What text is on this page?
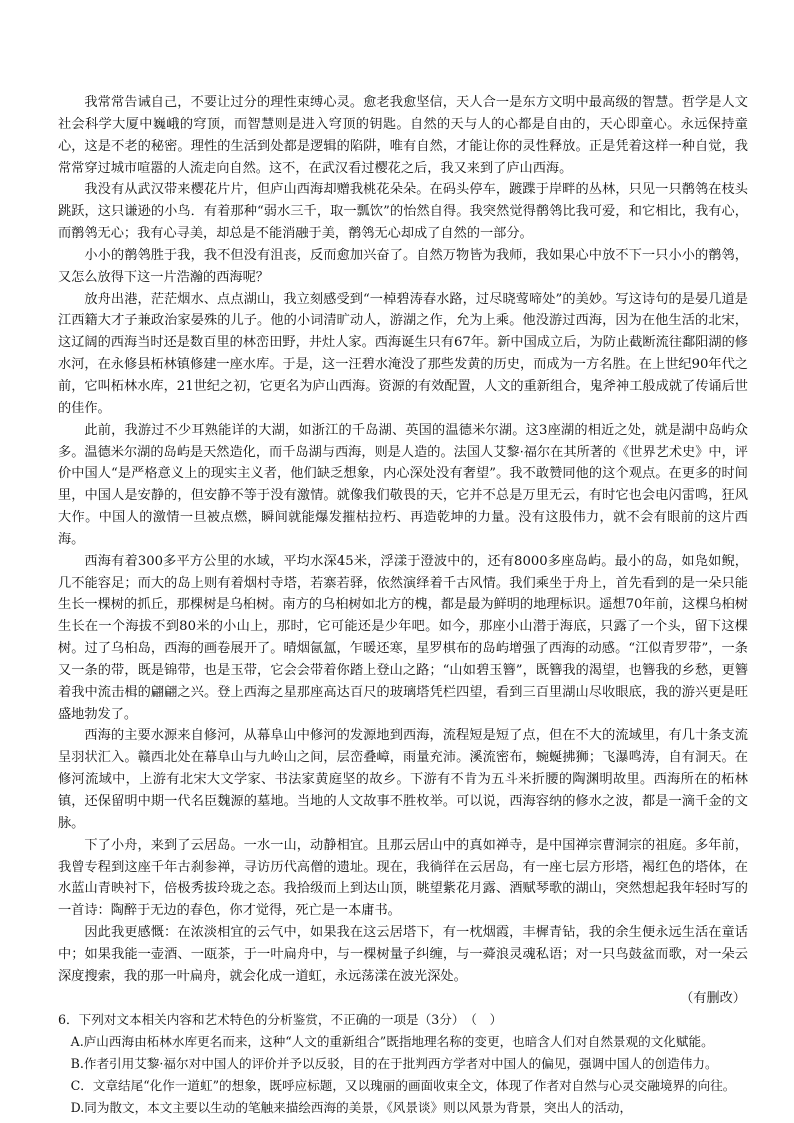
我常常告诫自己，不要让过分的理性束缚心灵。愈老我愈坚信，天人合一是东方文明中最高级的智慧。哲学是人文社会科学大厦中巍峨的穹顶，而智慧则是进入穹顶的钥匙。自然的天与人的心都是自由的，天心即童心。永远保持童心，这是不老的秘密。理性的生活到处都是逻辑的陷阱，唯有自然，才能让你的灵性释放。正是凭着这样一种自觉，我常常穿过城市喧嚣的人流走向自然。这不，在武汉看过樱花之后，我又来到了庐山西海。

我没有从武汉带来樱花片片，但庐山西海却赠我桃花朵朵。在码头停车，踱蹀于岸畔的丛林，只见一只鹡鸰在枝头跳跃，这只谦逊的小鸟．有着那种“弱水三千，取一瓢饮”的怡然自得。我突然觉得鹡鸰比我可爱，和它相比，我有心，而鹡鸰无心；我有心寻美，却总是不能消融于美，鹡鸰无心却成了自然的一部分。

小小的鹡鸰胜于我，我不但没有沮丧，反而愈加兴奋了。自然万物皆为我师，我如果心中放不下一只小小的鹡鸰，又怎么放得下这一片浩瀚的西海呢？

放舟出港，茫茫烟水、点点湖山，我立刻感受到“一棹碧涛春水路，过尽晓莺啼处”的美妙。写这诗句的是晏几道是江西籍大才子兼政治家晏殊的儿子。他的小词清旷动人，游湖之作，允为上乘。他没游过西海，因为在他生活的北宋，这辽阔的西海当时还是数百里的林峦田野，井灶人家。西海诞生只有67年。新中国成立后，为防止截断流往鄱阳湖的修水河，在永修县柘林镇修建一座水库。于是，这一汪碧水淹没了那些发黄的历史，而成为一方名胜。在上世纪90年代之前，它叫柘林水库，21世纪之初，它更名为庐山西海。资源的有效配置，人文的重新组合，鬼斧神工般成就了传诵后世的佳作。

此前，我游过不少耳熟能详的大湖，如浙江的千岛湖、英国的温德米尔湖。这3座湖的相近之处，就是湖中岛屿众多。温德米尔湖的岛屿是天然造化，而千岛湖与西海，则是人造的。法国人艾黎·福尔在其所著的《世界艺术史》中，评价中国人“是严格意义上的现实主义者，他们缺乏想象，内心深处没有奢望”。我不敢赞同他的这个观点。在更多的时间里，中国人是安静的，但安静不等于没有激情。就像我们敬畏的天，它并不总是万里无云，有时它也会电闪雷鸣，狂风大作。中国人的激情一旦被点燃，瞬间就能爆发摧枯拉朽、再造乾坤的力量。没有这股伟力，就不会有眼前的这片西海。

西海有着300多平方公里的水域，平均水深45米，浮漾于澄波中的，还有8000多座岛屿。最小的岛，如凫如鲵，几不能容足；而大的岛上则有着烟村寺塔，若寨若驿，依然演绎着千古风情。我们乘坐于舟上，首先看到的是一朵只能生长一棵树的抓丘，那棵树是乌桕树。南方的乌桕树如北方的槐，都是最为鲜明的地理标识。遥想70年前，这棵乌桕树生长在一个海拔不到80米的小山上，那时，它可能还是少年吧。如今，那座小山潜于海底，只露了一个头，留下这棵树。过了乌桕岛，西海的画卷展开了。晴烟氤氲，乍暖还寒，星罗棋布的岛屿增强了西海的动感。“江似青罗带”，一条又一条的带，既是锦带，也是玉带，它会会带着你踏上登山之路；“山如碧玉簪”，既簪我的渴望，也簪我的乡愁，更簪着我中流击楫的翩翩之兴。登上西海之星那座高达百尺的玻璃塔凭栏四望，看到三百里湖山尽收眼底，我的游兴更是旺盛地勃发了。

西海的主要水源来自修河，从幕阜山中修河的发源地到西海，流程短是短了点，但在不大的流域里，有几十条支流呈羽状汇入。赣西北处在幕阜山与九岭山之间，层峦叠嶂，雨量充沛。溪流密布，蜿蜒拂狮；飞瀑鸣涛，自有洞天。在修河流域中，上游有北宋大文学家、书法家黄庭坚的故乡。下游有不肯为五斗米折腰的陶渊明故里。西海所在的柘林镇，还保留明中期一代名臣魏源的墓地。当地的人文故事不胜枚举。可以说，西海容纳的修水之波，都是一滴千金的文脉。

下了小舟，来到了云居岛。一水一山，动静相宜。且那云居山中的真如禅寺，是中国禅宗曹洞宗的祖庭。多年前，我曾专程到这座千年古刹参禅，寻访历代高僧的遗址。现在，我徜徉在云居岛，有一座七层方形塔，褐红色的塔体，在水蓝山青映衬下，倍极秀拔玲珑之态。我拾级而上到达山顶，眺望紫花月露、酒赋琴歌的湖山，突然想起我年轻时写的一首诗：陶醉于无边的春色，你才觉得，死亡是一本庸书。

因此我更感慨：在浓淡相宜的云气中，如果我在这云居塔下，有一枕烟霞，丰樨青钻，我的余生便永远生活在童话中；如果我能一壶酒、一瓯茶，于一叶扁舟中，与一棵树量子纠缠，与一蕣浪灵魂私语；对一只鸟鼓盆而歌，对一朵云深度搜索，我的那一叶扁舟，就会化成一道虹，永远荡漾在波光深处。

（有删改）

6．下列对文本相关内容和艺术特色的分析鉴赏，不正确的一项是（3分）　（　）

A.庐山西海由柘林水库更名而来，这种“人文的重新组合”既指地理名称的变更，也暗含人们对自然景观的文化赋能。

B.作者引用艾黎·福尔对中国人的评价并予以反驳，目的在于批判西方学者对中国人的偏见，强调中国人的创造伟力。

C．文章结尾“化作一道虹”的想象，既呼应标题，又以瑰丽的画面收束全文，体现了作者对自然与心灵交融境界的向往。

D.同为散文，本文主要以生动的笔触来描绘西海的美景，《风景谈》则以风景为背景，突出人的活动，
